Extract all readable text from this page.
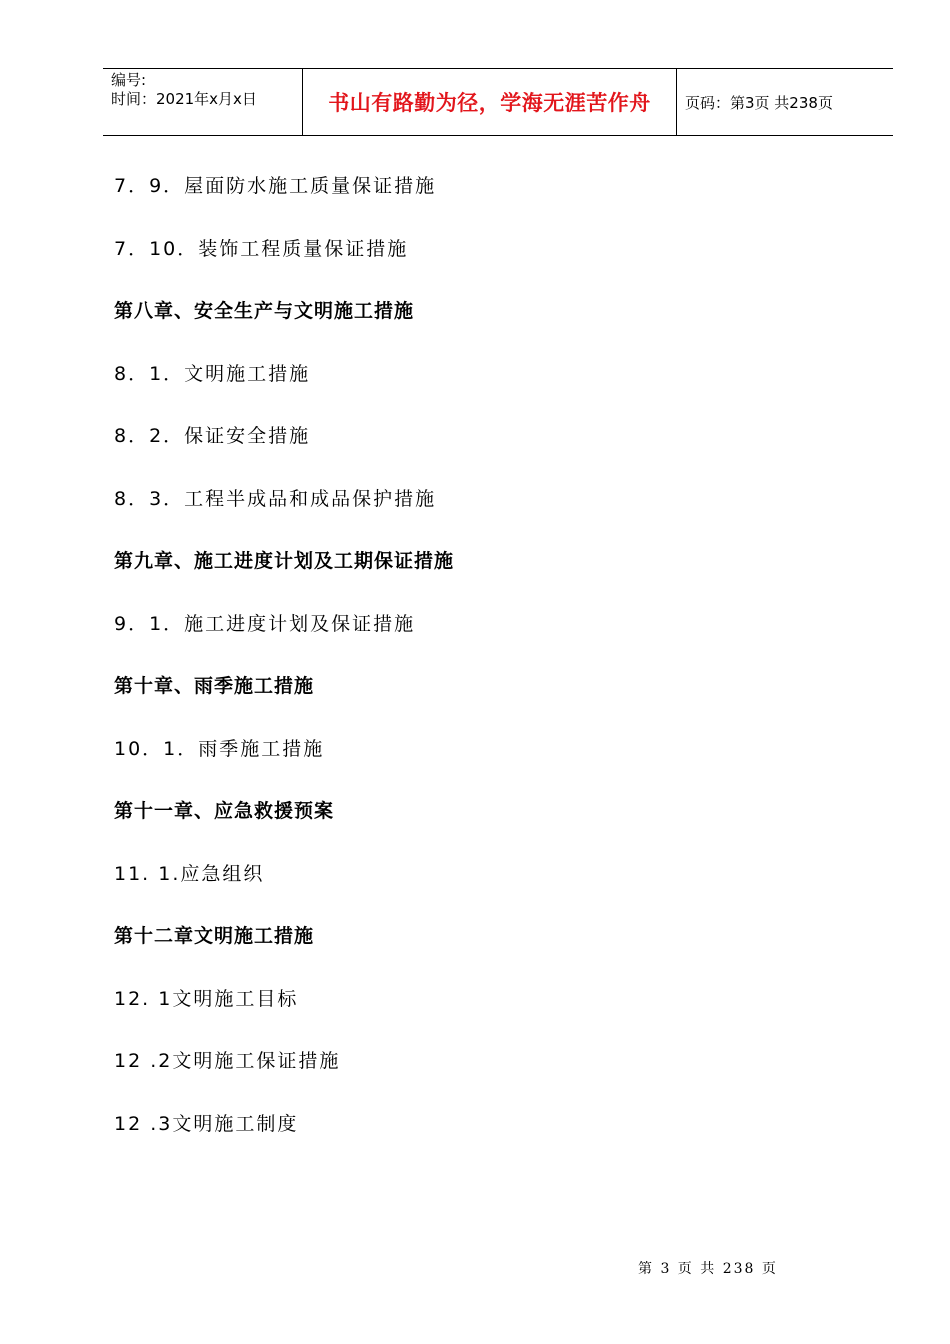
编号:
时间：2021年x月x日	书山有路勤为径，学海无涯苦作舟	页码：第3页 共238页
7．9．屋面防水施工质量保证措施
7．10．装饰工程质量保证措施
第八章、安全生产与文明施工措施
8．1．文明施工措施
8．2．保证安全措施
8．3．工程半成品和成品保护措施
第九章、施工进度计划及工期保证措施
9．1．施工进度计划及保证措施
第十章、雨季施工措施
10．1．雨季施工措施
第十一章、应急救援预案
11. 1.应急组织
第十二章文明施工措施
12. 1文明施工目标
12 .2文明施工保证措施
12 .3文明施工制度
第 3 页 共 238 页
